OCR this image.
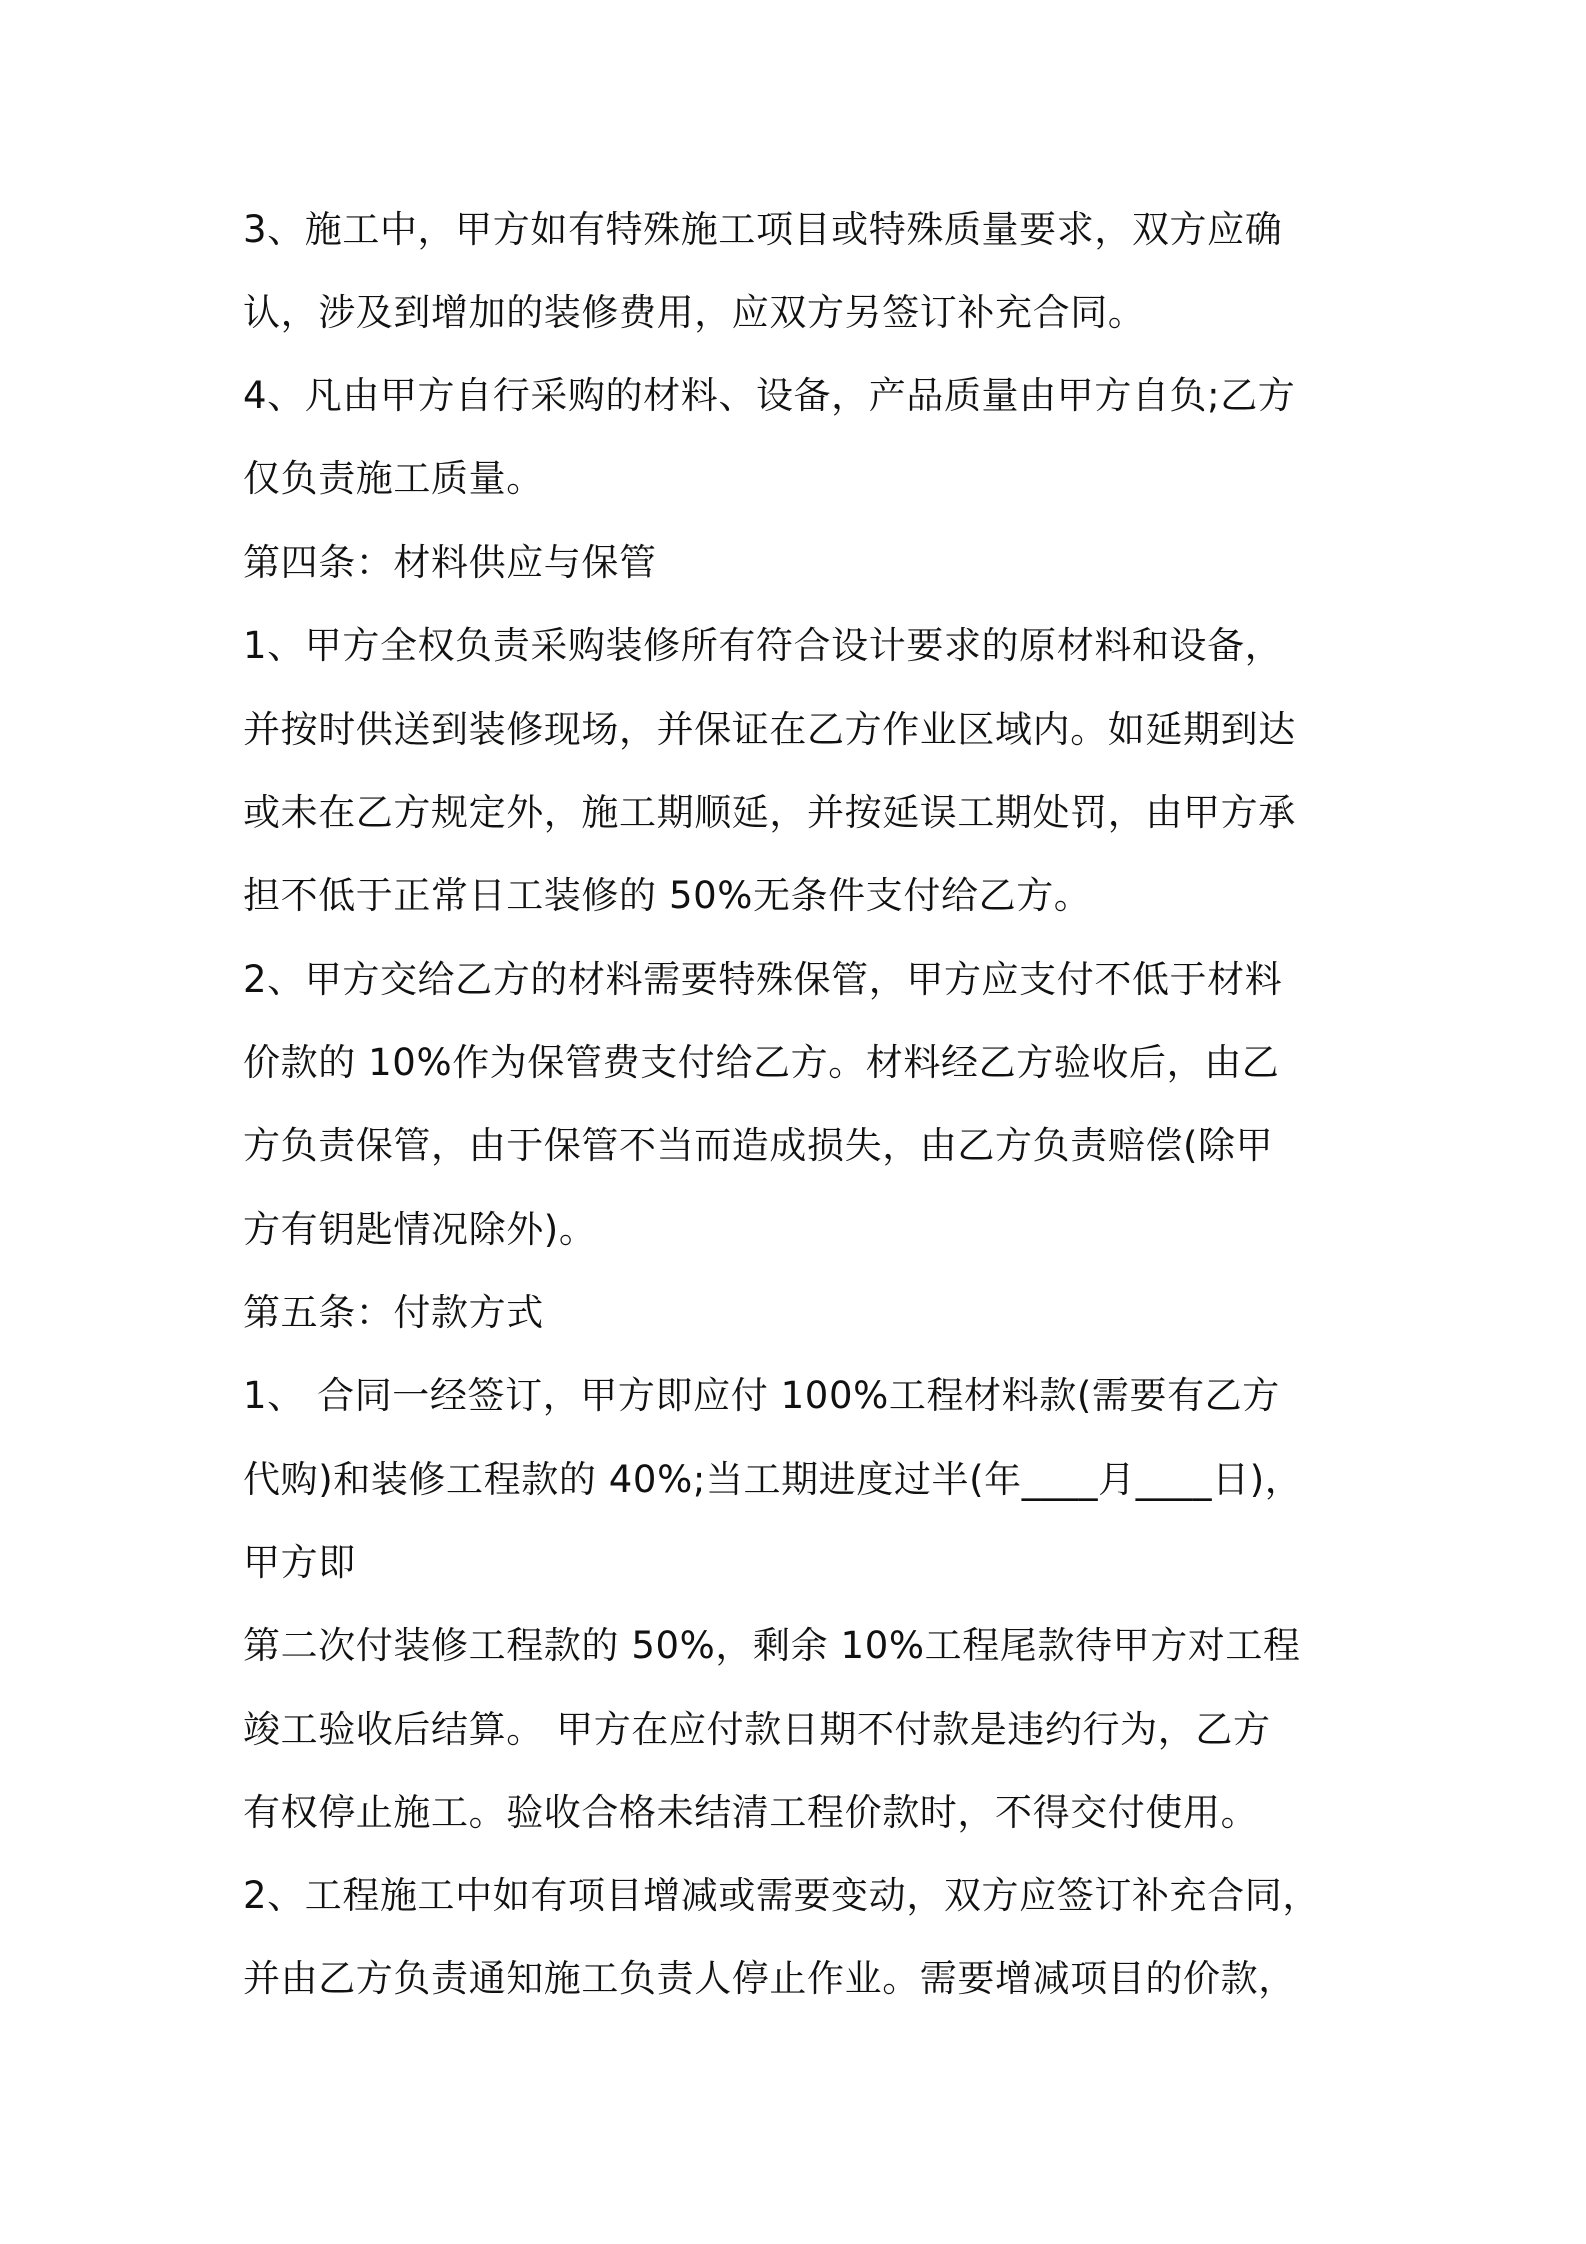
3、施工中，甲方如有特殊施工项目或特殊质量要求，双方应确
认，涉及到增加的装修费用，应双方另签订补充合同。
4、凡由甲方自行采购的材料、设备，产品质量由甲方自负;乙方
仅负责施工质量。
第四条：材料供应与保管
1、甲方全权负责采购装修所有符合设计要求的原材料和设备，
并按时供送到装修现场，并保证在乙方作业区域内。如延期到达
或未在乙方规定外，施工期顺延，并按延误工期处罚，由甲方承
担不低于正常日工装修的 50%无条件支付给乙方。
2、甲方交给乙方的材料需要特殊保管，甲方应支付不低于材料
价款的 10%作为保管费支付给乙方。材料经乙方验收后，由乙
方负责保管，由于保管不当而造成损失，由乙方负责赔偿(除甲
方有钥匙情况除外)。
第五条：付款方式
1、 合同一经签订，甲方即应付 100%工程材料款(需要有乙方
代购)和装修工程款的 40%;当工期进度过半(年____月____日)，
甲方即
第二次付装修工程款的 50%，剩余 10%工程尾款待甲方对工程
竣工验收后结算。 甲方在应付款日期不付款是违约行为，乙方
有权停止施工。验收合格未结清工程价款时，不得交付使用。
2、工程施工中如有项目增减或需要变动，双方应签订补充合同，
并由乙方负责通知施工负责人停止作业。需要增减项目的价款，
